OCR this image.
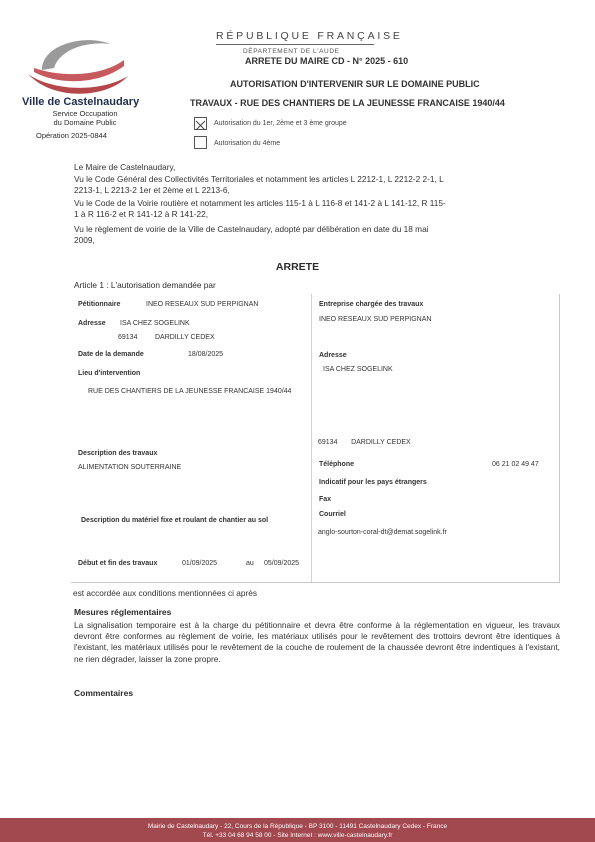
Ville de Castelnaudary
Service Occupation
du Domaine Public
Opération 2025-0844
RÉPUBLIQUE FRANÇAISE
DÉPARTEMENT DE L'AUDE
ARRETE DU MAIRE CD - N° 2025 - 610
AUTORISATION D'INTERVENIR SUR LE DOMAINE PUBLIC
TRAVAUX - RUE DES CHANTIERS DE LA JEUNESSE FRANCAISE 1940/44
Autorisation du 1er, 2ème et 3 ème groupe
Autorisation du 4ème
Le Maire de Castelnaudary,
Vu le Code Général des Collectivités Territoriales et notamment les articles L 2212-1, L 2212-2 2-1, L
2213-1, L 2213-2 1er et 2ème et L 2213-6,
Vu le Code de la Voirie routière et notamment les articles 115-1 à L 116-8 et 141-2 à L 141-12, R 115-
1 à R 116-2 et R 141-12 à R 141-22,
Vu le règlement de voirie de la Ville de Castelnaudary, adopté par délibération en date du 18 mai
2009,
ARRETE
Article 1 : L'autorisation demandée par
Pétitionnaire	INEO RESEAUX SUD PERPIGNAN
Adresse ISA CHEZ SOGELINK
69134         DARDILLY CEDEX
Date de la demande	18/08/2025
Lieu d'intervention
RUE DES CHANTIERS DE LA JEUNESSE FRANCAISE 1940/44
Description des travaux
ALIMENTATION SOUTERRAINE
Description du matériel fixe et roulant de chantier au sol
Début et fin des travaux	01/09/2025	au 05/09/2025
Entreprise chargée des travaux
INEO RESEAUX SUD PERPIGNAN
Adresse
ISA CHEZ SOGELINK
69134       DARDILLY CEDEX
Téléphone	06 21 02 49 47
Indicatif pour les pays étrangers
Fax
Courriel
anglo-sourton-coral-dt@demat.sogelink.fr
est accordée aux conditions mentionnées ci après
Mesures réglementaires
La signalisation temporaire est à la charge du pétitionnaire et devra être conforme à la réglementation en vigueur, les travaux devront être conformes au règlement de voirie, les matériaux utilisés pour le revêtement des trottoirs devront être identiques à l'existant, les matériaux utilisés pour le revêtement de la couche de roulement de la chaussée devront être indentiques à l'existant, ne rien dégrader, laisser la zone propre.
Commentaires
Mairie de Castelnaudary - 22, Cours de la République - BP 3100 - 11491 Castelnaudary Cedex - France
Tél. +33 04 68 94 58 00 - Site Internet : www.ville-castelnaudary.fr
